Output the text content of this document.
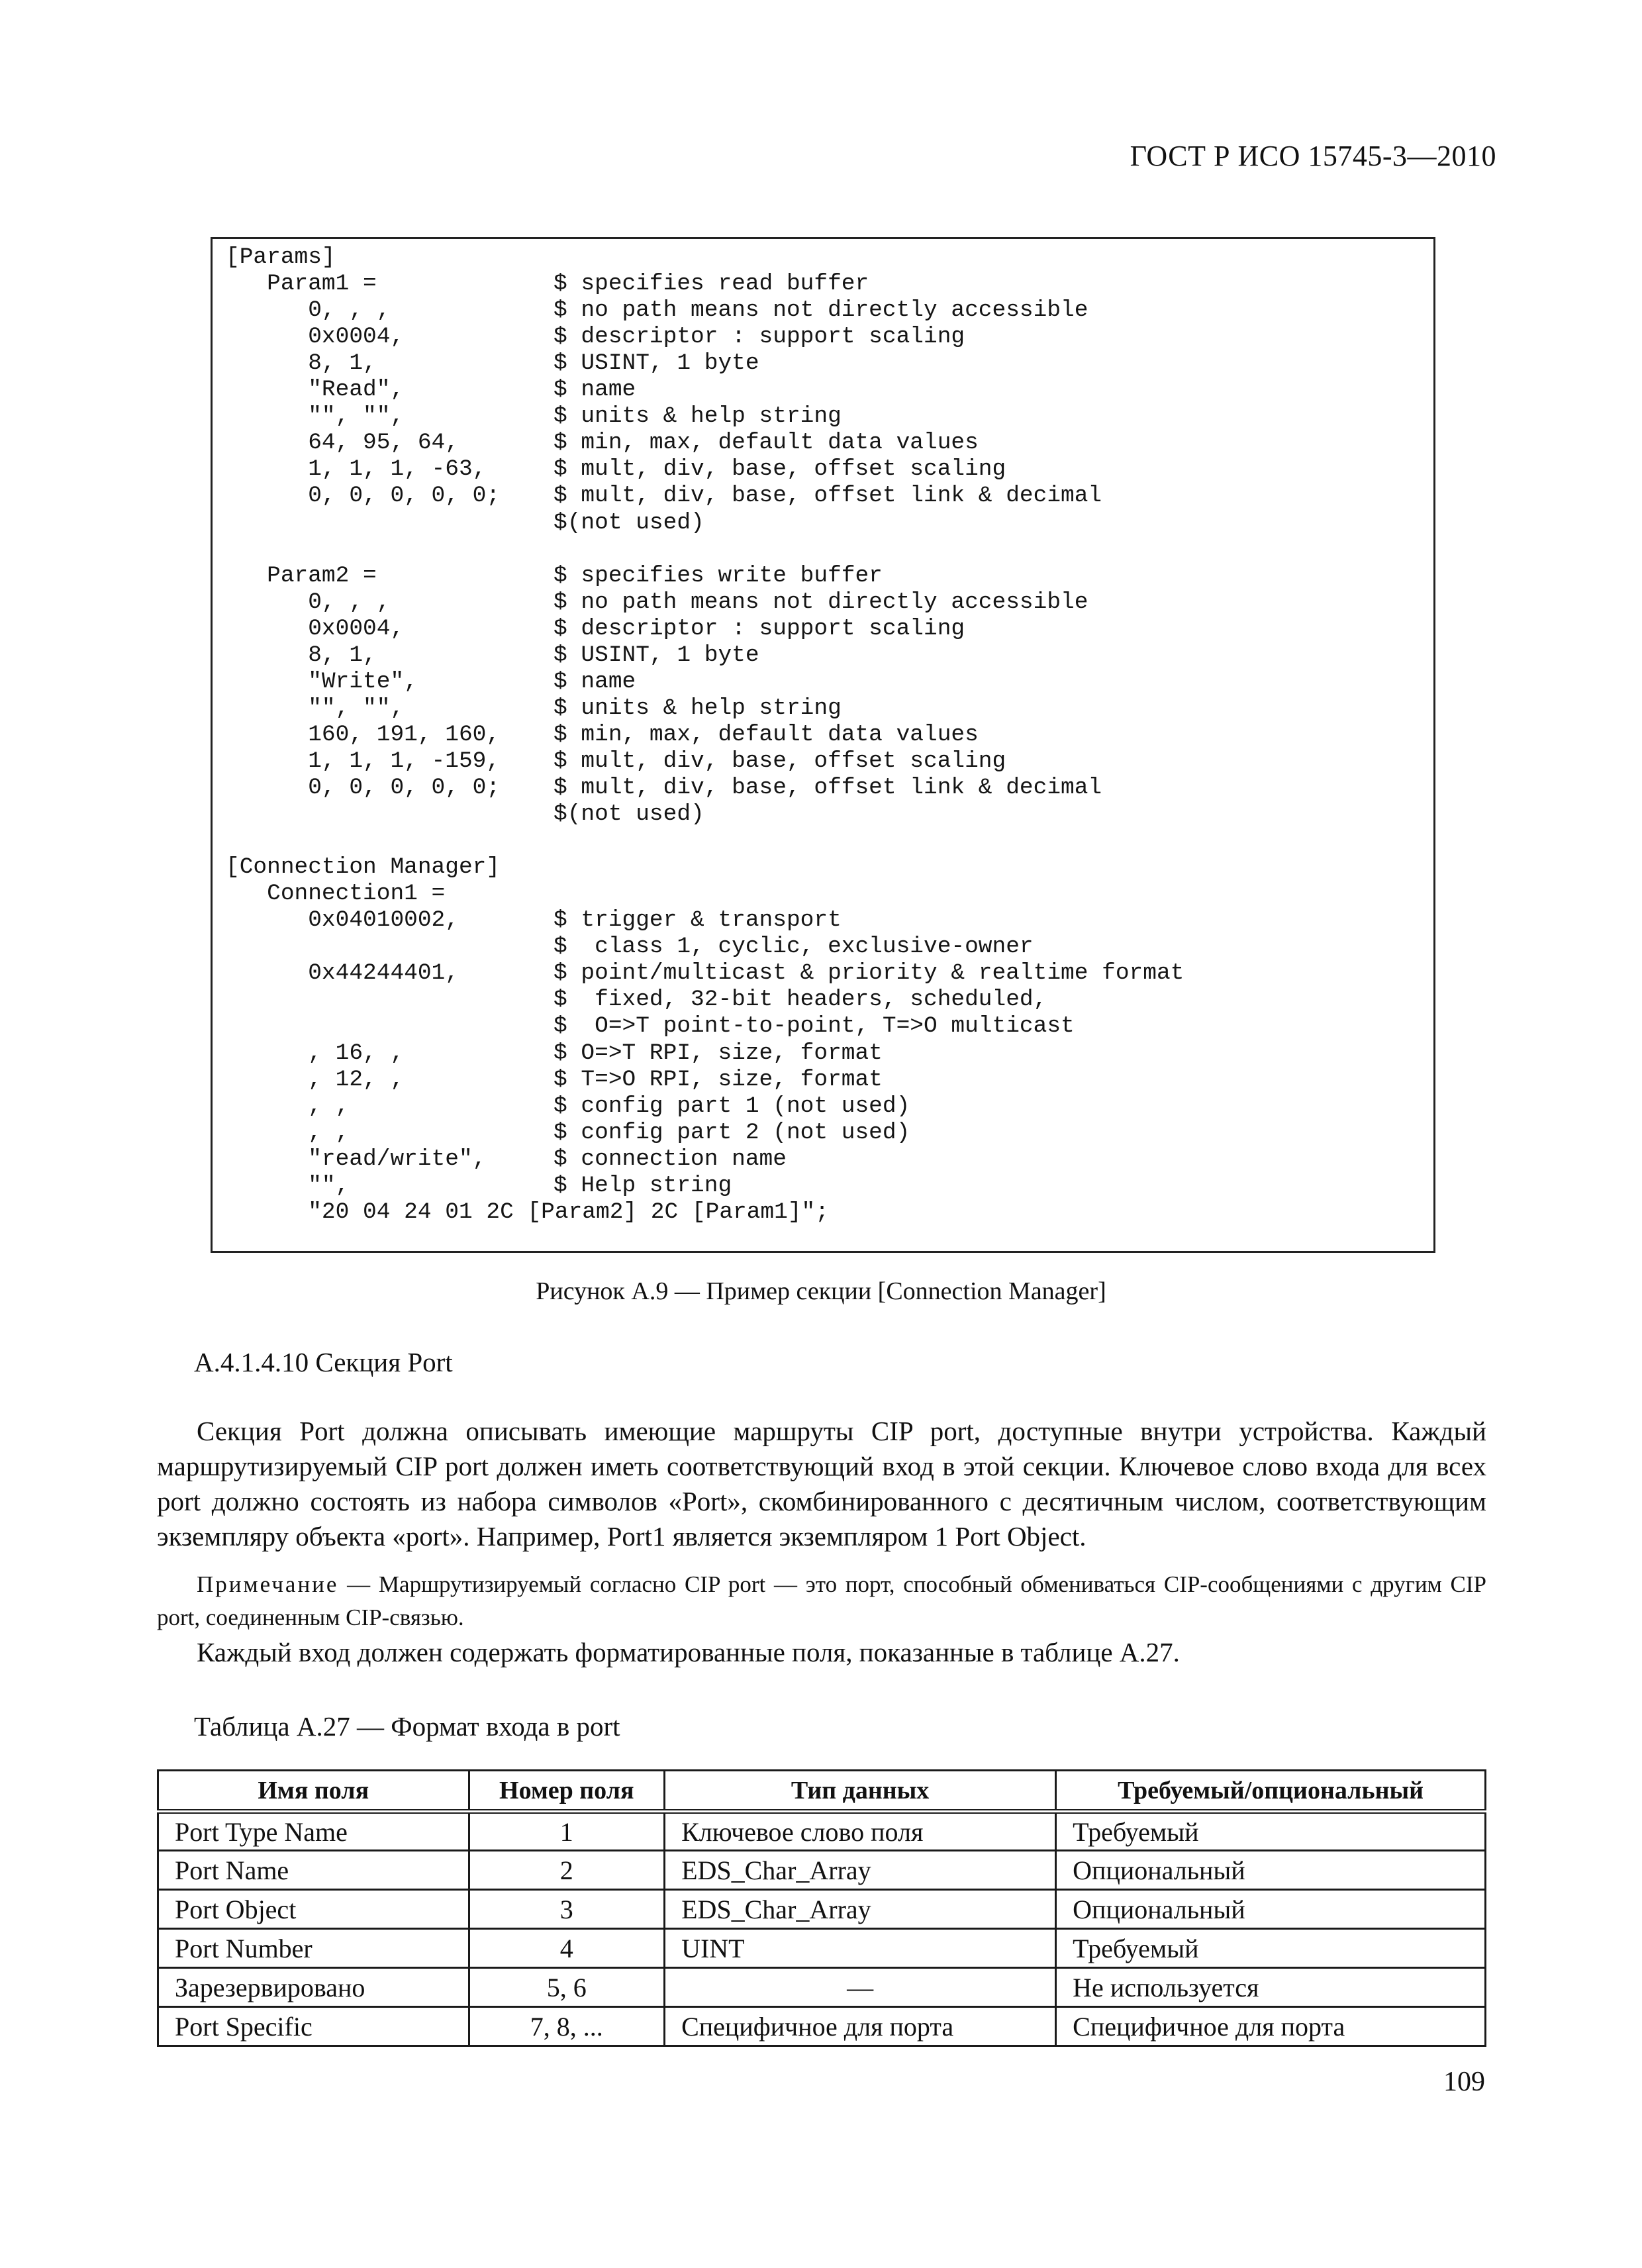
ГОСТ Р ИСО 15745-3—2010
[Params]
Param1 =	$ specifies read buffer
0, , ,	$ no path means not directly accessible
0x0004,	$ descriptor : support scaling
8, 1,	$ USINT, 1 byte
"Read",	$ name
"", "",	$ units & help string
64, 95, 64,	$ min, max, default data values
1, 1, 1, -63,	$ mult, div, base, offset scaling
0, 0, 0, 0, 0; $ mult, div, base, offset link & decimal
$(not used)
Param2 =	$ specifies write buffer
0, , ,	$ no path means not directly accessible
0x0004,	$ descriptor : support scaling
8, 1,	$ USINT, 1 byte
"Write",	$ name
"", "",	$ units & help string
160, 191, 160, $ min, max, default data values
1, 1, 1, -159, $ mult, div, base, offset scaling
0, 0, 0, 0, 0; $ mult, div, base, offset link & decimal
$(not used)
[Connection Manager]
Connection1 =
0x04010002,	$ trigger & transport
$  class 1, cyclic, exclusive-owner
0x44244401,	$ point/multicast & priority & realtime format
$  fixed, 32-bit headers, scheduled,
$  O=>T point-to-point, T=>O multicast
, 16, ,	$ O=>T RPI, size, format
, 12, ,	$ T=>O RPI, size, format
, ,	$ config part 1 (not used)
, ,	$ config part 2 (not used)
"read/write",	$ connection name
"",	$ Help string
"20 04 24 01 2C [Param2] 2C [Param1]";
Рисунок А.9 — Пример секции [Connection Manager]
А.4.1.4.10 Секция Port
Секция Port должна описывать имеющие маршруты CIP port, доступные внутри устройства. Каждый маршрутизируемый CIP port должен иметь соответствующий вход в этой секции. Ключевое слово входа для всех port должно состоять из набора символов «Port», скомбинированного с десятичным числом, соответствующим экземпляру объекта «port». Например, Port1 является экземпляром 1 Port Object.
Примечание — Маршрутизируемый согласно CIP port — это порт, способный обмениваться CIP-сообщениями с другим CIP port, соединенным CIP-связью.
Каждый вход должен содержать форматированные поля, показанные в таблице А.27.
Таблица А.27 — Формат входа в port
Имя поля	Номер поля	Тип данных	Требуемый/опциональный
Port Type Name	1	Ключевое слово поля	Требуемый
Port Name	2	EDS_Char_Array	Опциональный
Port Object	3	EDS_Char_Array	Опциональный
Port Number	4	UINT	Требуемый
Зарезервировано	5, 6	—	Не используется
Port Specific	7, 8, ...	Специфичное для порта	Специфичное для порта
109
